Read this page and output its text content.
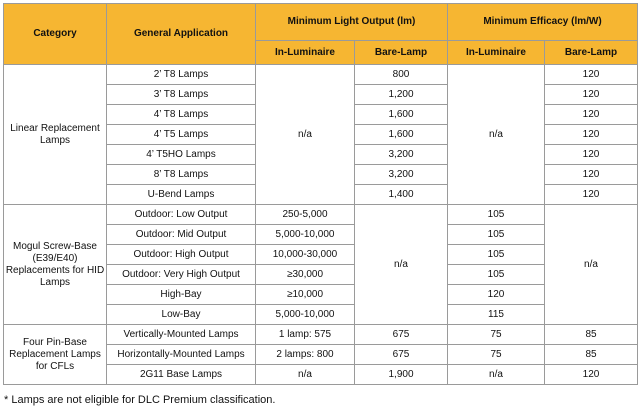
Category	General Application	Minimum Light Output (lm)		Minimum Efficacy (lm/W)	
		In-Luminaire	Bare-Lamp	In-Luminaire	Bare-Lamp
Linear Replacement Lamps	2’ T8 Lamps	n/a	800	n/a	120
	3’ T8 Lamps		1,200		120
	4’ T8 Lamps		1,600		120
	4’ T5 Lamps		1,600		120
	4’ T5HO Lamps		3,200		120
	8’ T8 Lamps		3,200		120
	U-Bend Lamps		1,400		120
Mogul Screw-Base (E39/E40) Replacements for HID Lamps	Outdoor: Low Output	250-5,000	n/a	105	n/a
	Outdoor: Mid Output	5,000-10,000		105	
	Outdoor: High Output	10,000-30,000		105	
	Outdoor: Very High Output	≥30,000		105	
	High-Bay	≥10,000		120	
	Low-Bay	5,000-10,000		115	
Four Pin-Base Replacement Lamps for CFLs	Vertically-Mounted Lamps	1 lamp: 575	675	75	85
	Horizontally-Mounted Lamps	2 lamps: 800	675	75	85
	2G11 Base Lamps	n/a	1,900	n/a	120
* Lamps are not eligible for DLC Premium classification.
